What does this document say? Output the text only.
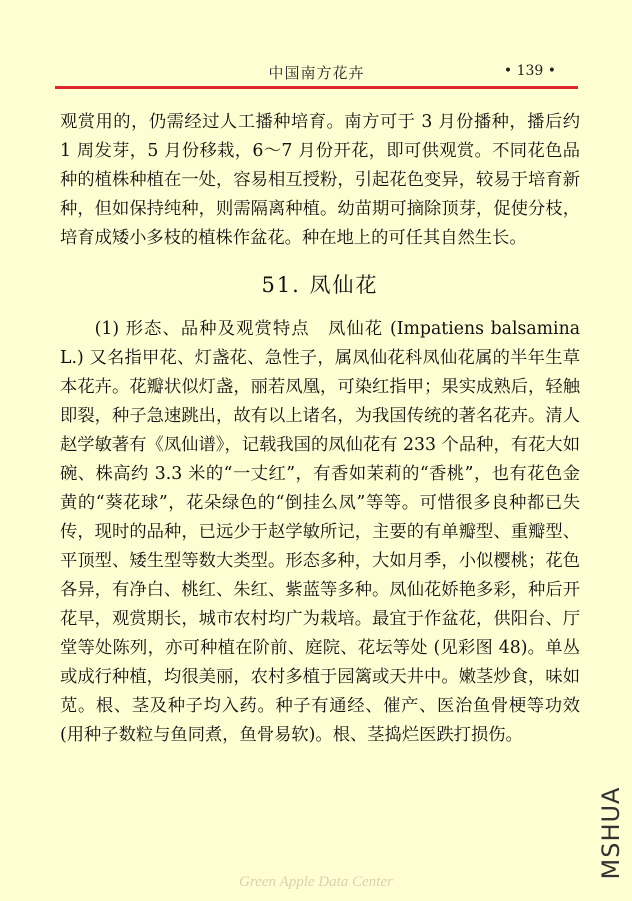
中国南方花卉	• 139 •

观赏用的，仍需经过人工播种培育。南方可于 3 月份播种，播后约 1 周发芽，5 月份移栽，6～7 月份开花，即可供观赏。不同花色品种的植株种植在一处，容易相互授粉，引起花色变异，较易于培育新种，但如保持纯种，则需隔离种植。幼苗期可摘除顶芽，促使分枝，培育成矮小多枝的植株作盆花。种在地上的可任其自然生长。

51. 凤仙花

(1) 形态、品种及观赏特点　凤仙花 (Impatiens balsamina L.) 又名指甲花、灯盏花、急性子，属凤仙花科凤仙花属的半年生草本花卉。花瓣状似灯盏，丽若凤凰，可染红指甲；果实成熟后，轻触即裂，种子急速跳出，故有以上诸名，为我国传统的著名花卉。清人赵学敏著有《凤仙谱》，记载我国的凤仙花有 233 个品种，有花大如碗、株高约 3.3 米的“一丈红”，有香如茉莉的“香桃”，也有花色金黄的“葵花球”，花朵绿色的“倒挂么凤”等等。可惜很多良种都已失传，现时的品种，已远少于赵学敏所记，主要的有单瓣型、重瓣型、平顶型、矮生型等数大类型。形态多种，大如月季，小似樱桃；花色各异，有净白、桃红、朱红、紫蓝等多种。凤仙花娇艳多彩，种后开花早，观赏期长，城市农村均广为栽培。最宜于作盆花，供阳台、厅堂等处陈列，亦可种植在阶前、庭院、花坛等处 (见彩图 48)。单丛或成行种植，均很美丽，农村多植于园篱或天井中。嫩茎炒食，味如苋。根、茎及种子均入药。种子有通经、催产、医治鱼骨梗等功效 (用种子数粒与鱼同煮，鱼骨易软)。根、茎捣烂医跌打损伤。

MSHUA
Green Apple Data Center
